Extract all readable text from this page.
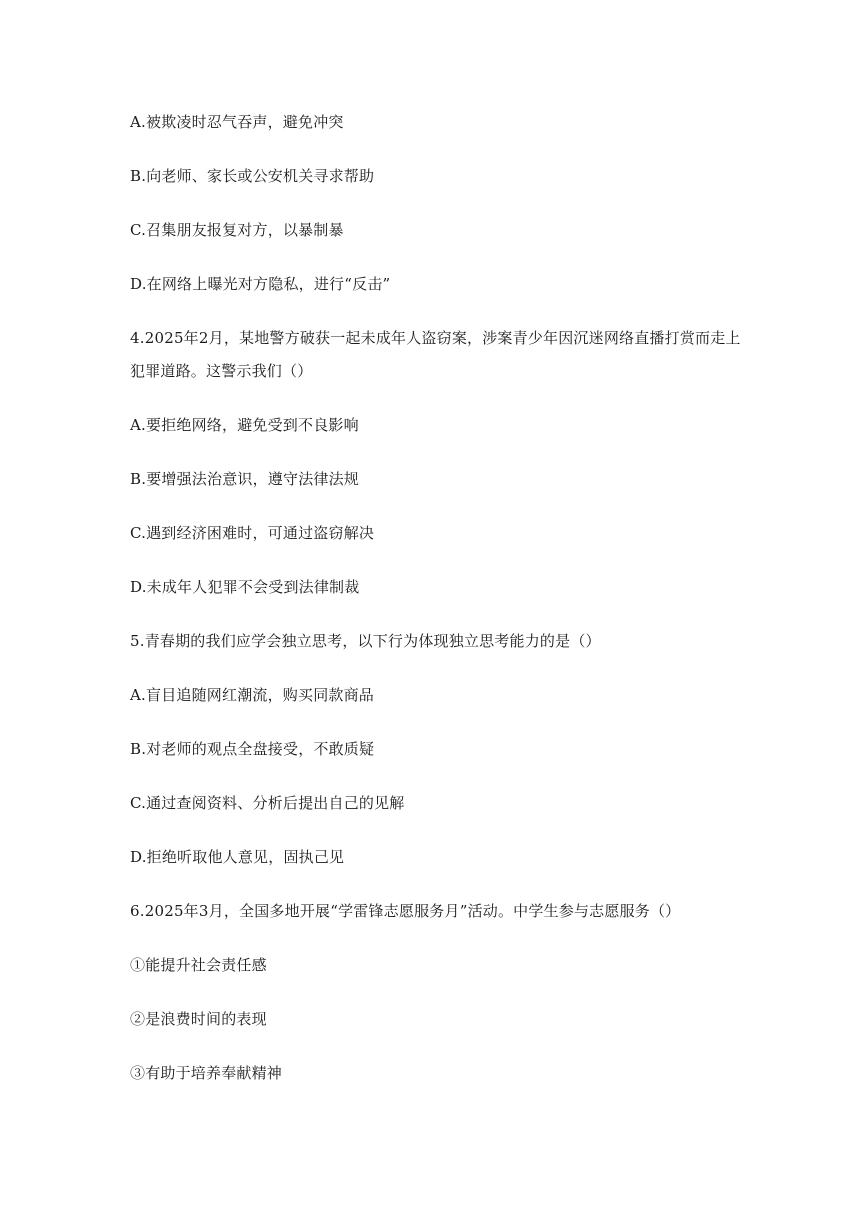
A.被欺凌时忍气吞声，避免冲突
B.向老师、家长或公安机关寻求帮助
C.召集朋友报复对方，以暴制暴
D.在网络上曝光对方隐私，进行“反击”
4.2025年2月，某地警方破获一起未成年人盗窃案，涉案青少年因沉迷网络直播打赏而走上
犯罪道路。这警示我们（）
A.要拒绝网络，避免受到不良影响
B.要增强法治意识，遵守法律法规
C.遇到经济困难时，可通过盗窃解决
D.未成年人犯罪不会受到法律制裁
5.青春期的我们应学会独立思考，以下行为体现独立思考能力的是（）
A.盲目追随网红潮流，购买同款商品
B.对老师的观点全盘接受，不敢质疑
C.通过查阅资料、分析后提出自己的见解
D.拒绝听取他人意见，固执己见
6.2025年3月，全国多地开展“学雷锋志愿服务月”活动。中学生参与志愿服务（）
①能提升社会责任感
②是浪费时间的表现
③有助于培养奉献精神
